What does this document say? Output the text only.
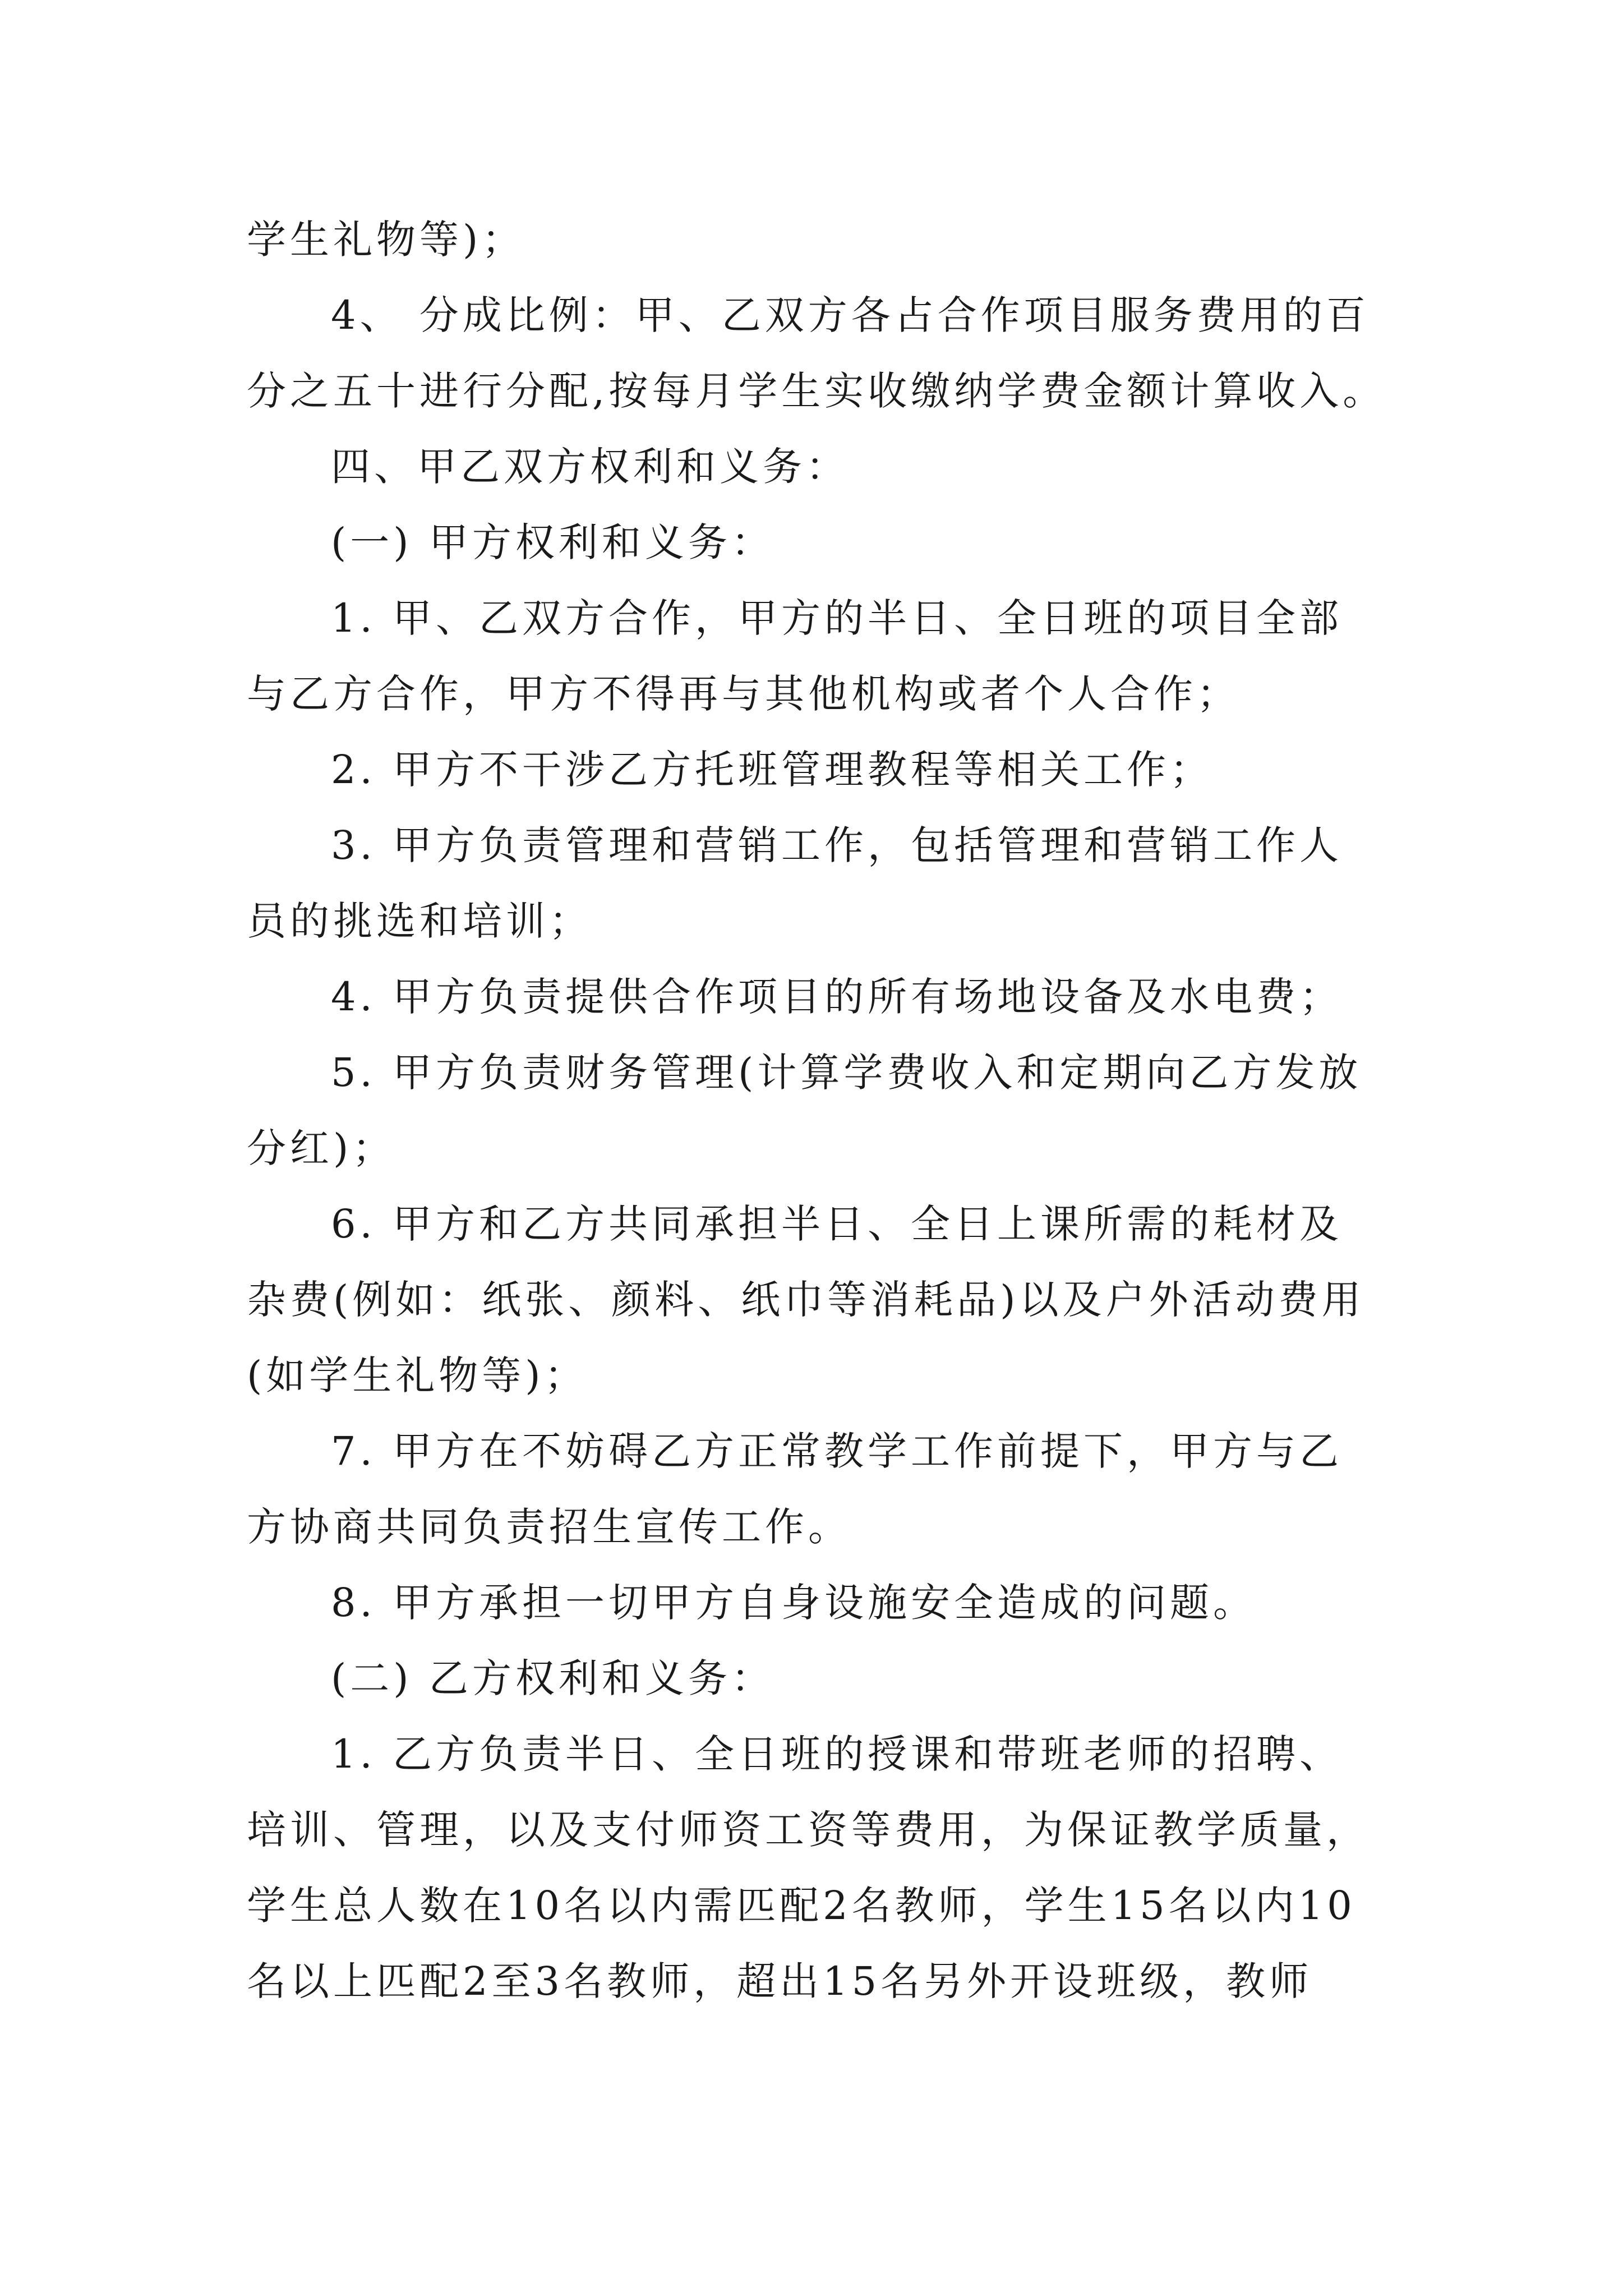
学生礼物等)；
4、 分成比例：甲、乙双方各占合作项目服务费用的百
分之五十进行分配,按每月学生实收缴纳学费金额计算收入。
四、甲乙双方权利和义务：
(一) 甲方权利和义务：
1. 甲、乙双方合作，甲方的半日、全日班的项目全部
与乙方合作，甲方不得再与其他机构或者个人合作；
2. 甲方不干涉乙方托班管理教程等相关工作；
3. 甲方负责管理和营销工作，包括管理和营销工作人
员的挑选和培训；
4. 甲方负责提供合作项目的所有场地设备及水电费；
5. 甲方负责财务管理(计算学费收入和定期向乙方发放
分红)；
6. 甲方和乙方共同承担半日、全日上课所需的耗材及
杂费(例如：纸张、颜料、纸巾等消耗品)以及户外活动费用
(如学生礼物等)；
7. 甲方在不妨碍乙方正常教学工作前提下，甲方与乙
方协商共同负责招生宣传工作。
8. 甲方承担一切甲方自身设施安全造成的问题。
(二) 乙方权利和义务：
1. 乙方负责半日、全日班的授课和带班老师的招聘、
培训、管理，以及支付师资工资等费用，为保证教学质量，
学生总人数在10名以内需匹配2名教师，学生15名以内10
名以上匹配2至3名教师，超出15名另外开设班级，教师
